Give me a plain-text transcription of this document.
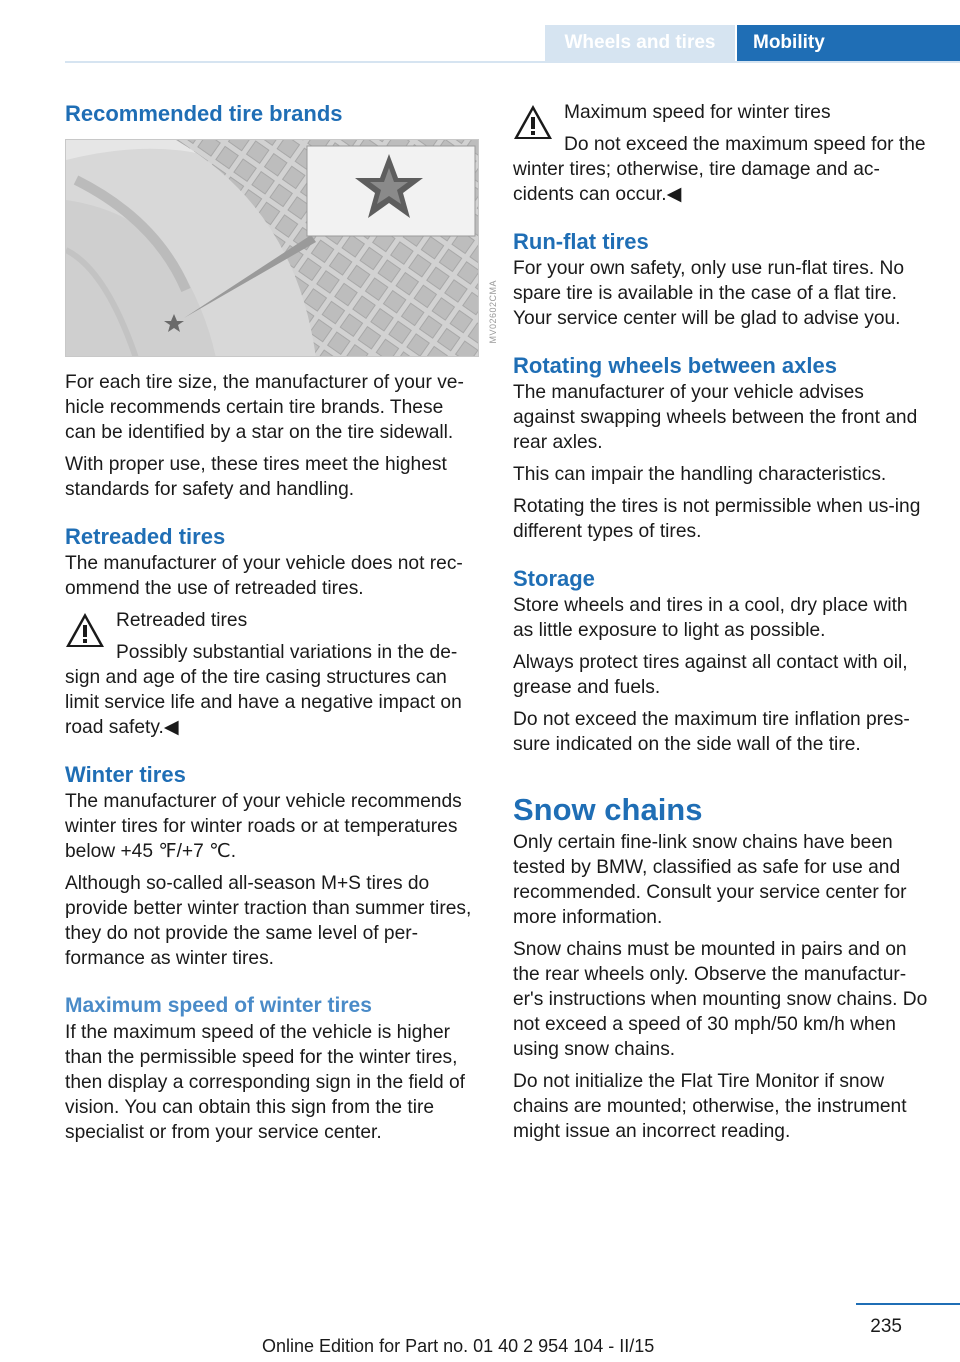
Wheels and tires Mobility
Recommended tire brands
MV02602CMA

For each tire size, the manufacturer of your ve‐hicle recommends certain tire brands. These can be identified by a star on the tire sidewall.

With proper use, these tires meet the highest standards for safety and handling.

Retreaded tires

The manufacturer of your vehicle does not rec‐ommend the use of retreaded tires.

Retreaded tires

Possibly substantial variations in the de‐sign and age of the tire casing structures can limit service life and have a negative impact on road safety.◀

Winter tires

The manufacturer of your vehicle recommends winter tires for winter roads or at temperatures below +45 ℉/+7 ℃.

Although so-called all-season M+S tires do provide better winter traction than summer tires, they do not provide the same level of per‐formance as winter tires.

Maximum speed of winter tires

If the maximum speed of the vehicle is higher than the permissible speed for the winter tires, then display a corresponding sign in the field of vision. You can obtain this sign from the tire specialist or from your service center.

Maximum speed for winter tires

Do not exceed the maximum speed for the winter tires; otherwise, tire damage and ac‐cidents can occur.◀

Run-flat tires

For your own safety, only use run-flat tires. No spare tire is available in the case of a flat tire. Your service center will be glad to advise you.

Rotating wheels between axles

The manufacturer of your vehicle advises against swapping wheels between the front and rear axles.

This can impair the handling characteristics.

Rotating the tires is not permissible when us‐ing different types of tires.

Storage

Store wheels and tires in a cool, dry place with as little exposure to light as possible.

Always protect tires against all contact with oil, grease and fuels.

Do not exceed the maximum tire inflation pres‐sure indicated on the side wall of the tire.

Snow chains

Only certain fine-link snow chains have been tested by BMW, classified as safe for use and recommended. Consult your service center for more information.

Snow chains must be mounted in pairs and on the rear wheels only. Observe the manufactur‐er's instructions when mounting snow chains. Do not exceed a speed of 30 mph/50 km/h when using snow chains.

Do not initialize the Flat Tire Monitor if snow chains are mounted; otherwise, the instrument might issue an incorrect reading.

235
Online Edition for Part no. 01 40 2 954 104 - II/15
